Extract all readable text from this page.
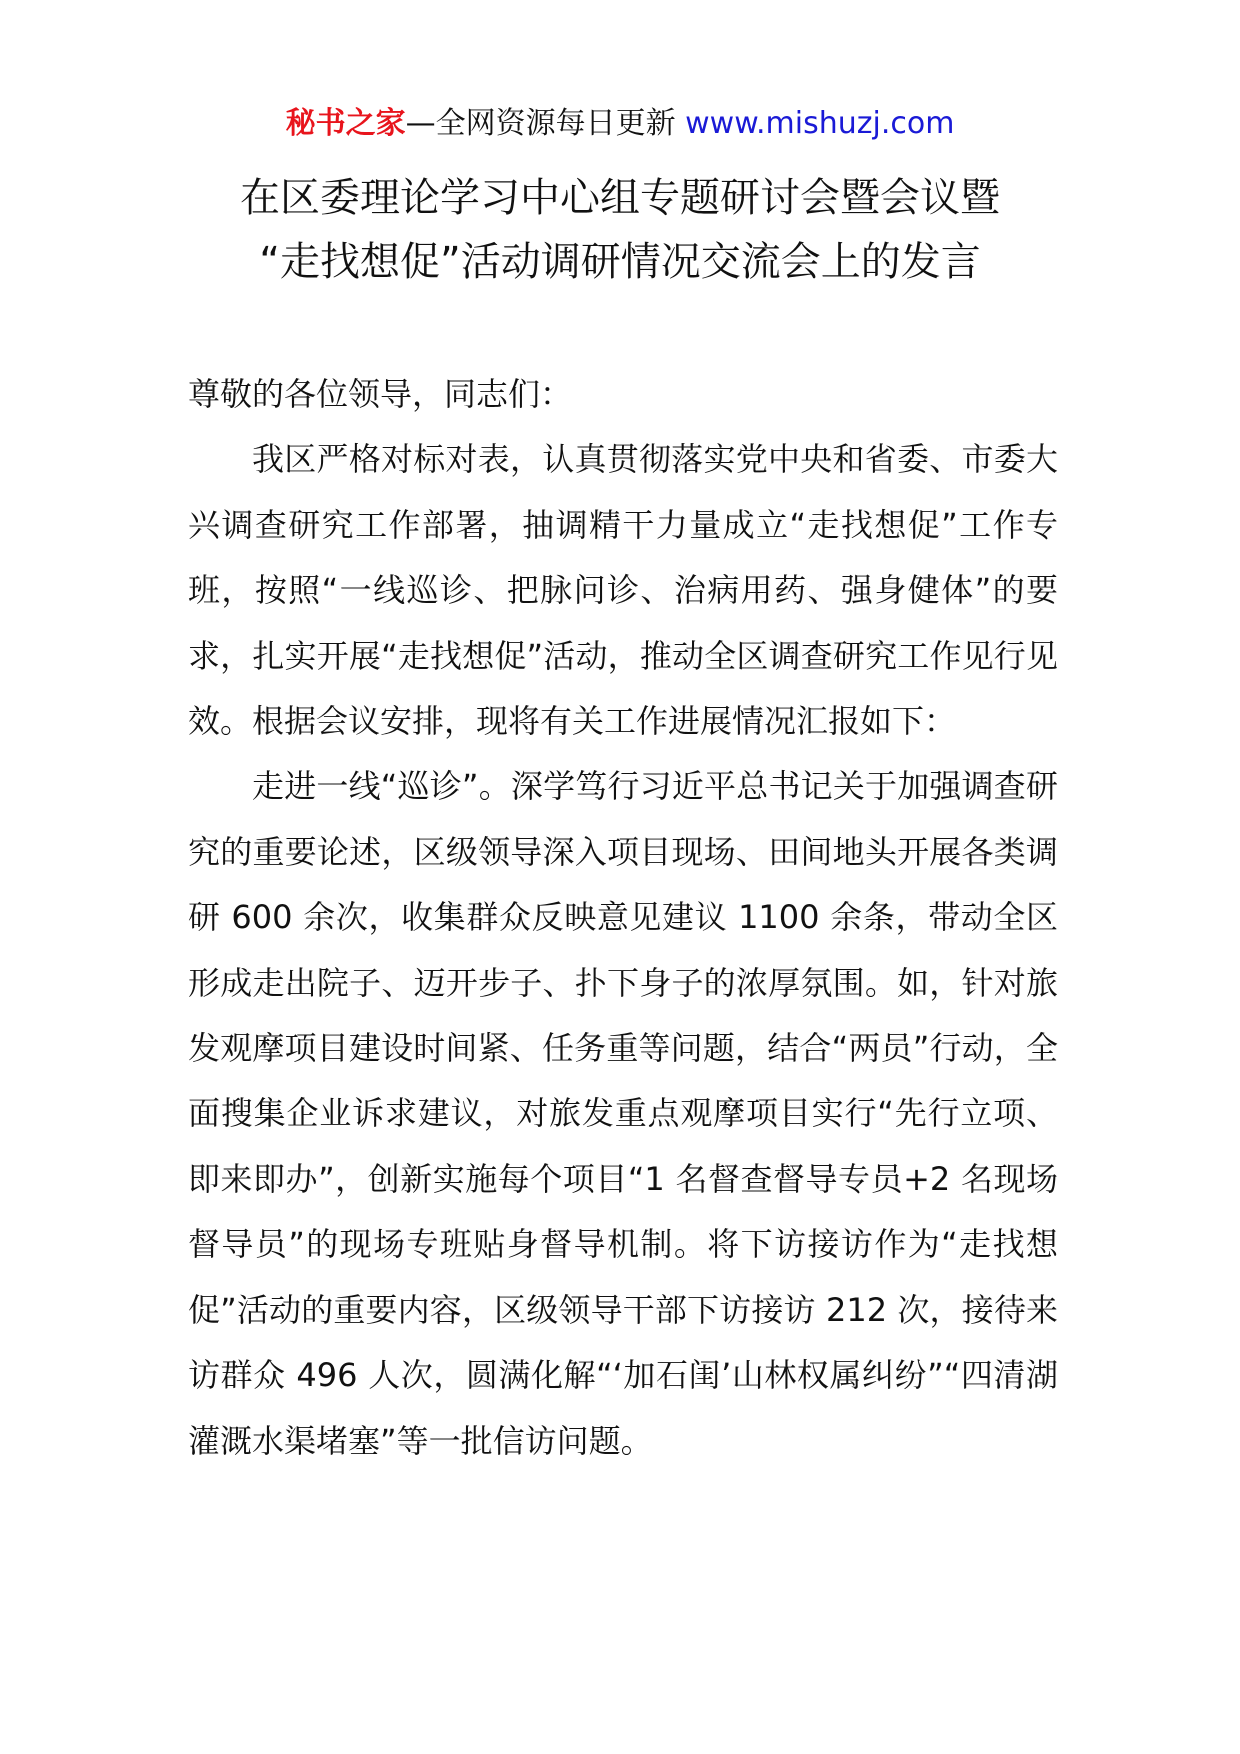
秘书之家—全网资源每日更新 www.mishuzj.com
在区委理论学习中心组专题研讨会暨会议暨
“走找想促”活动调研情况交流会上的发言

尊敬的各位领导，同志们：

我区严格对标对表，认真贯彻落实党中央和省委、市委大兴调查研究工作部署，抽调精干力量成立“走找想促”工作专班，按照“一线巡诊、把脉问诊、治病用药、强身健体”的要求，扎实开展“走找想促”活动，推动全区调查研究工作见行见效。根据会议安排，现将有关工作进展情况汇报如下：

走进一线“巡诊”。深学笃行习近平总书记关于加强调查研究的重要论述，区级领导深入项目现场、田间地头开展各类调研 600 余次，收集群众反映意见建议 1100 余条，带动全区形成走出院子、迈开步子、扑下身子的浓厚氛围。如，针对旅发观摩项目建设时间紧、任务重等问题，结合“两员”行动，全面搜集企业诉求建议，对旅发重点观摩项目实行“先行立项、即来即办”，创新实施每个项目“1 名督查督导专员+2 名现场督导员”的现场专班贴身督导机制。将下访接访作为“走找想促”活动的重要内容，区级领导干部下访接访 212 次，接待来访群众 496 人次，圆满化解“‘加石闺’山林权属纠纷”“四清湖灌溉水渠堵塞”等一批信访问题。
